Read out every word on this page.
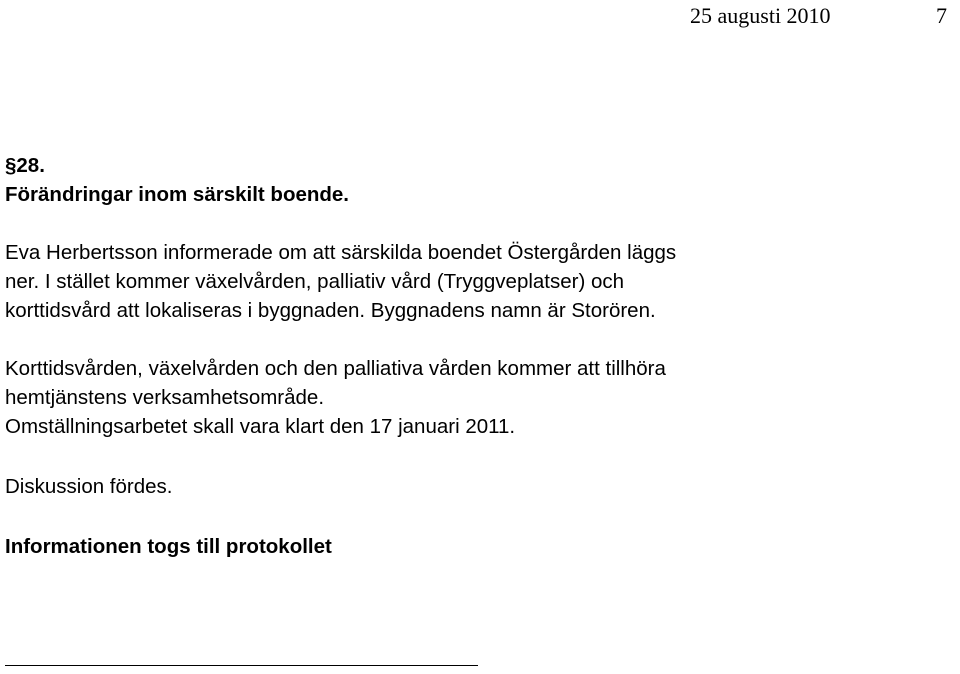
25 augusti 2010	7
§28.
Förändringar inom särskilt boende.
Eva Herbertsson informerade om att särskilda boendet Östergården läggs
ner. I stället kommer växelvården, palliativ vård (Tryggveplatser) och
korttidsvård att lokaliseras i byggnaden. Byggnadens namn är Storören.
Korttidsvården, växelvården och den palliativa vården kommer att tillhöra
hemtjänstens verksamhetsområde.
Omställningsarbetet skall vara klart den 17 januari 2011.
Diskussion fördes.
Informationen togs till protokollet
